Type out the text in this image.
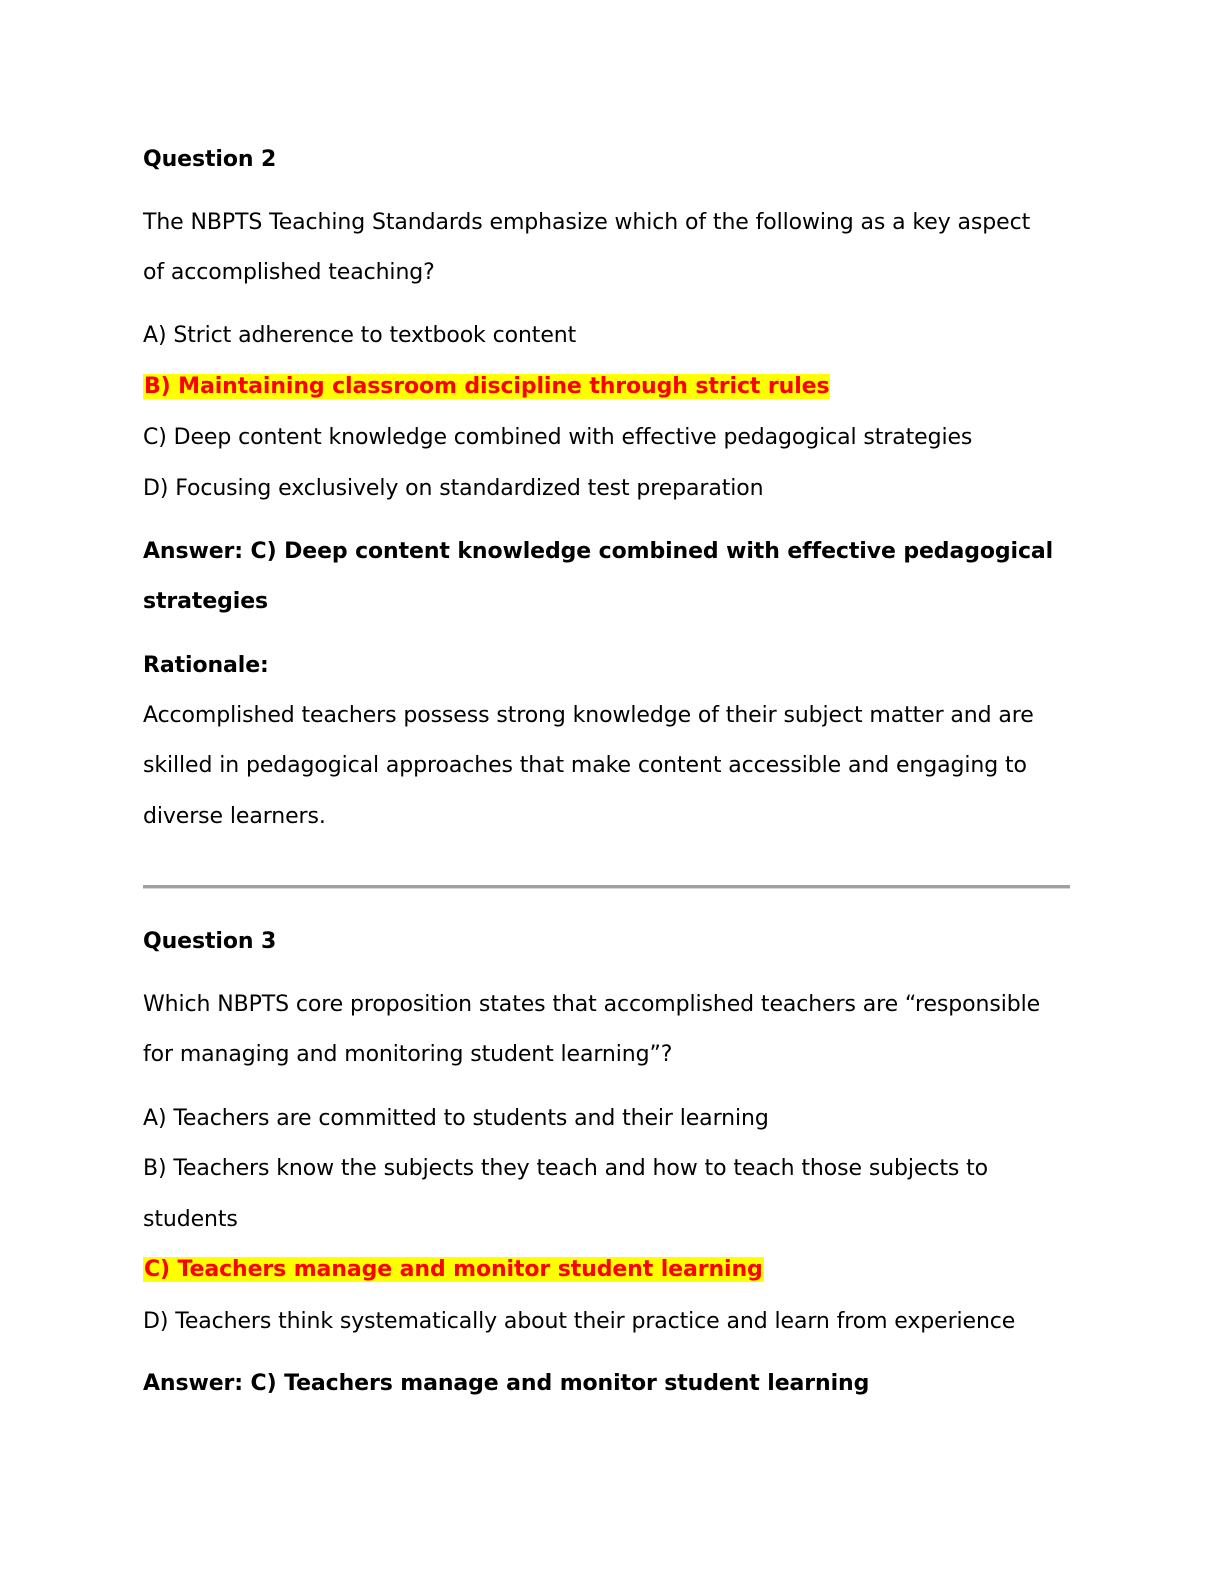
Question 2
The NBPTS Teaching Standards emphasize which of the following as a key aspect
of accomplished teaching?
A) Strict adherence to textbook content
B) Maintaining classroom discipline through strict rules
C) Deep content knowledge combined with effective pedagogical strategies
D) Focusing exclusively on standardized test preparation
Answer: C) Deep content knowledge combined with effective pedagogical
strategies
Rationale:
Accomplished teachers possess strong knowledge of their subject matter and are
skilled in pedagogical approaches that make content accessible and engaging to
diverse learners.
Question 3
Which NBPTS core proposition states that accomplished teachers are “responsible
for managing and monitoring student learning”?
A) Teachers are committed to students and their learning
B) Teachers know the subjects they teach and how to teach those subjects to
students
C) Teachers manage and monitor student learning
D) Teachers think systematically about their practice and learn from experience
Answer: C) Teachers manage and monitor student learning
